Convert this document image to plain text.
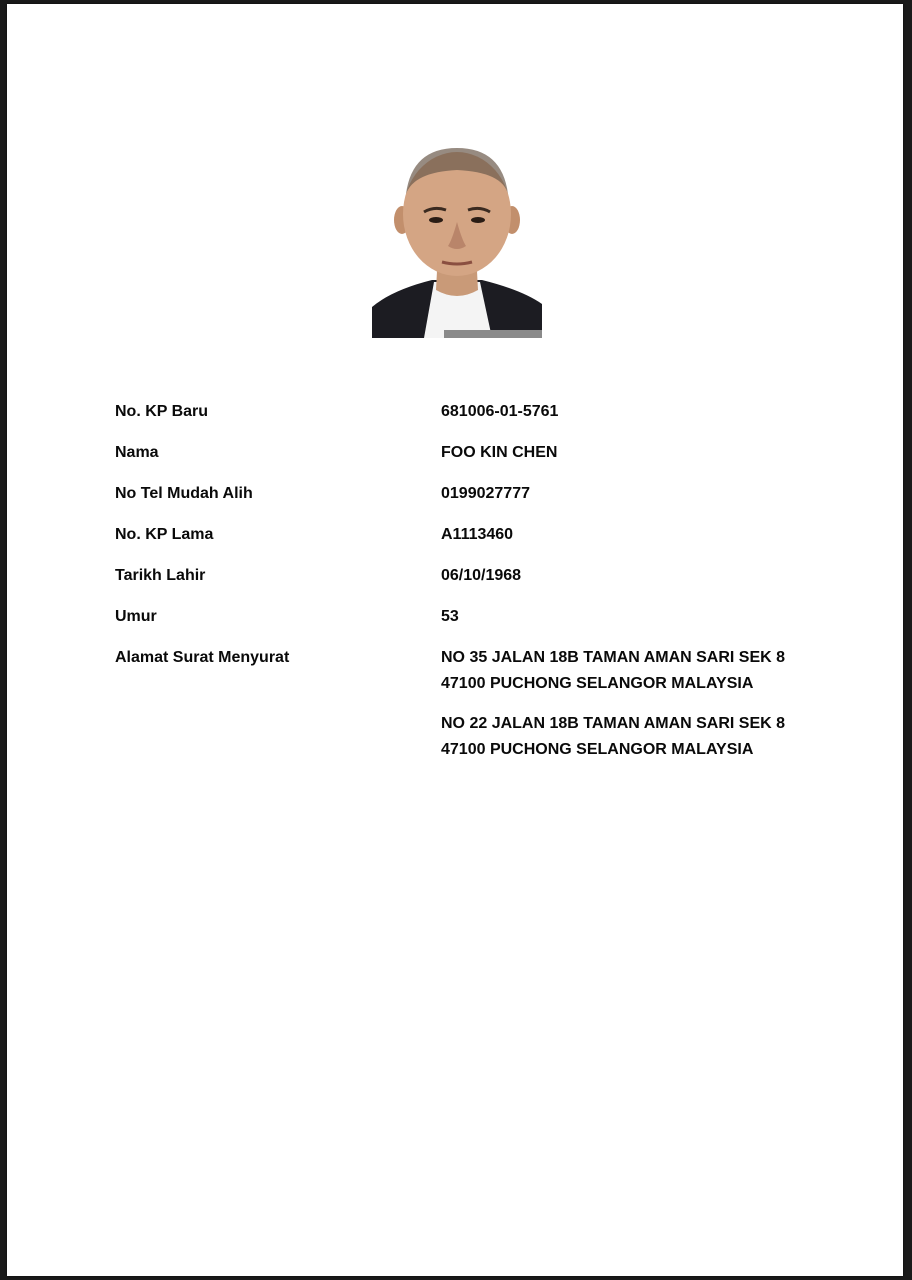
No. KP Baru	681006-01-5761
Nama	FOO KIN CHEN
No Tel Mudah Alih	0199027777
No. KP Lama	A1113460
Tarikh Lahir	06/10/1968
Umur	53
Alamat Surat Menyurat	NO 35 JALAN 18B TAMAN AMAN SARI SEK 8
47100 PUCHONG SELANGOR MALAYSIA
NO 22 JALAN 18B TAMAN AMAN SARI SEK 8
47100 PUCHONG SELANGOR MALAYSIA
